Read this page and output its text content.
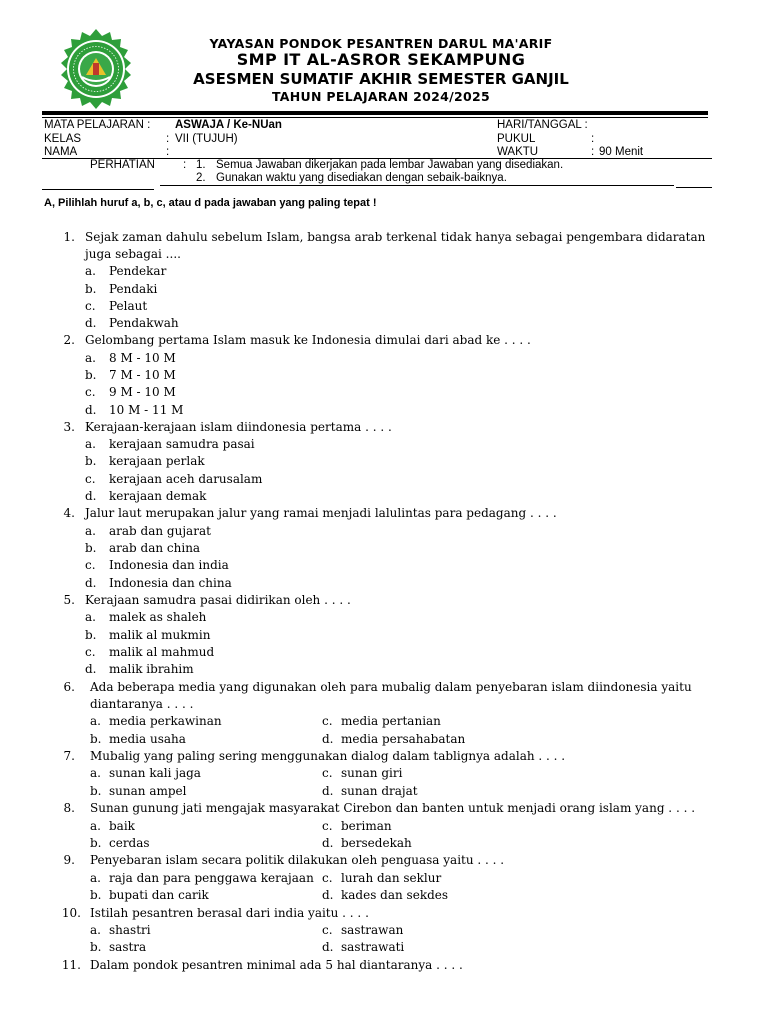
YAYASAN PONDOK PESANTREN DARUL MA'ARIF
SMP IT AL-ASROR SEKAMPUNG
ASESMEN SUMATIF AKHIR SEMESTER GANJIL
TAHUN PELAJARAN 2024/2025
MATA PELAJARAN : ASWAJA / Ke-NUan
KELAS	: VII (TUJUH)
NAMA	:
HARI/TANGGAL :
PUKUL	:
WAKTU	: 90 Menit
PERHATIAN : 1. Semua Jawaban dikerjakan pada lembar Jawaban yang disediakan.
2. Gunakan waktu yang disediakan dengan sebaik-baiknya.
A, Pilihlah huruf a, b, c, atau d pada jawaban yang paling tepat !
1. Sejak zaman dahulu sebelum Islam, bangsa arab terkenal tidak hanya sebagai pengembara didaratan
juga sebagai ....
a. Pendekar
b. Pendaki
c. Pelaut
d. Pendakwah
2. Gelombang pertama Islam masuk ke Indonesia dimulai dari abad ke . . . .
a. 8 M - 10 M
b. 7 M - 10 M
c. 9 M - 10 M
d. 10 M - 11 M
3. Kerajaan-kerajaan islam diindonesia pertama . . . .
a. kerajaan samudra pasai
b. kerajaan perlak
c. kerajaan aceh darusalam
d. kerajaan demak
4. Jalur laut merupakan jalur yang ramai menjadi lalulintas para pedagang . . . .
a. arab dan gujarat
b. arab dan china
c. Indonesia dan india
d. Indonesia dan china
5. Kerajaan samudra pasai didirikan oleh . . . .
a. malek as shaleh
b. malik al mukmin
c. malik al mahmud
d. malik ibrahim
6. Ada beberapa media yang digunakan oleh para mubalig dalam penyebaran islam diindonesia yaitu
diantaranya . . . .
a. media perkawinan	c. media pertanian
b. media usaha	d. media persahabatan
7. Mubalig yang paling sering menggunakan dialog dalam tablignya adalah . . . .
a. sunan kali jaga	c. sunan giri
b. sunan ampel	d. sunan drajat
8. Sunan gunung jati mengajak masyarakat Cirebon dan banten untuk menjadi orang islam yang . . . .
a. baik	c. beriman
b. cerdas	d. bersedekah
9. Penyebaran islam secara politik dilakukan oleh penguasa yaitu . . . .
a. raja dan para penggawa kerajaan c. lurah dan seklur
b. bupati dan carik	d. kades dan sekdes
10. Istilah pesantren berasal dari india yaitu . . . .
a. shastri	c. sastrawan
b. sastra	d. sastrawati
11. Dalam pondok pesantren minimal ada 5 hal diantaranya . . . .
